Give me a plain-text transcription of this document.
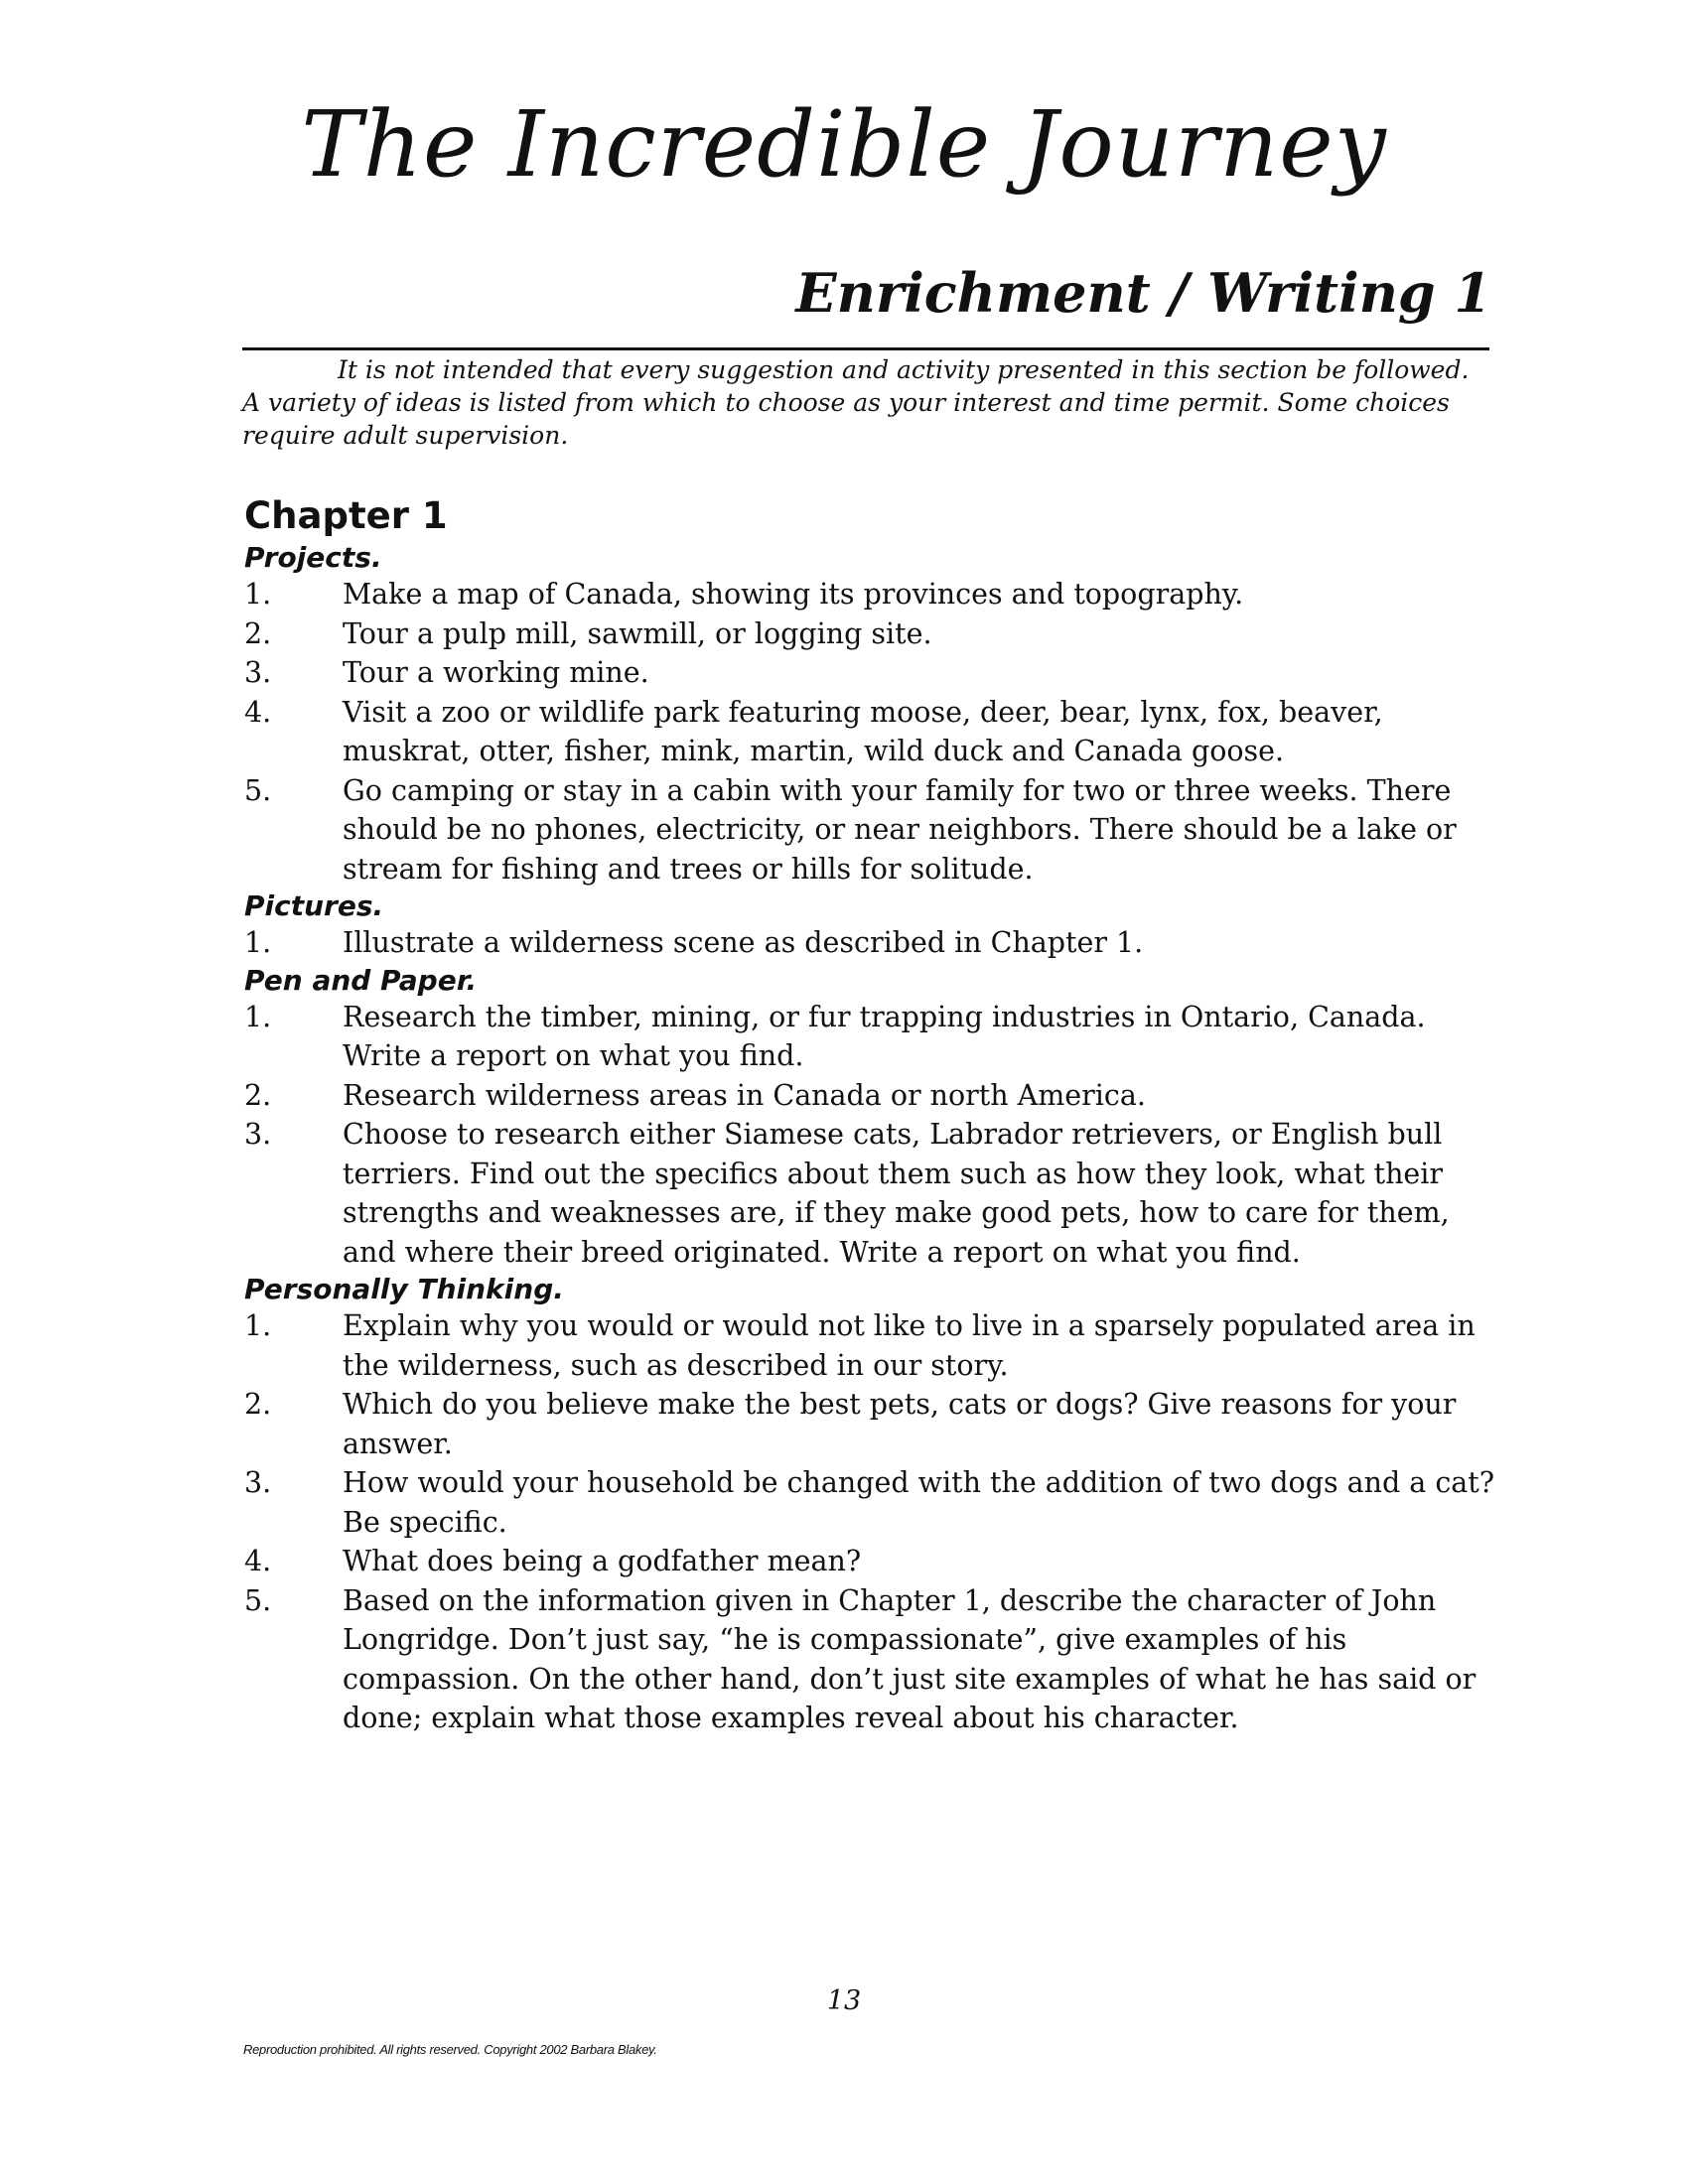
The Incredible Journey
Enrichment / Writing 1

It is not intended that every suggestion and activity presented in this section be followed. A variety of ideas is listed from which to choose as your interest and time permit. Some choices require adult supervision.

Chapter 1
Projects.
1.	Make a map of Canada, showing its provinces and topography.
2.	Tour a pulp mill, sawmill, or logging site.
3.	Tour a working mine.
4.	Visit a zoo or wildlife park featuring moose, deer, bear, lynx, fox, beaver, muskrat, otter, fisher, mink, martin, wild duck and Canada goose.
5.	Go camping or stay in a cabin with your family for two or three weeks. There should be no phones, electricity, or near neighbors. There should be a lake or stream for fishing and trees or hills for solitude.
Pictures.
1.	Illustrate a wilderness scene as described in Chapter 1.
Pen and Paper.
1.	Research the timber, mining, or fur trapping industries in Ontario, Canada. Write a report on what you find.
2.	Research wilderness areas in Canada or north America.
3.	Choose to research either Siamese cats, Labrador retrievers, or English bull terriers. Find out the specifics about them such as how they look, what their strengths and weaknesses are, if they make good pets, how to care for them, and where their breed originated. Write a report on what you find.
Personally Thinking.
1.	Explain why you would or would not like to live in a sparsely populated area in the wilderness, such as described in our story.
2.	Which do you believe make the best pets, cats or dogs? Give reasons for your answer.
3.	How would your household be changed with the addition of two dogs and a cat? Be specific.
4.	What does being a godfather mean?
5.	Based on the information given in Chapter 1, describe the character of John Longridge. Don’t just say, “he is compassionate”, give examples of his compassion. On the other hand, don’t just site examples of what he has said or done; explain what those examples reveal about his character.
13
Reproduction prohibited. All rights reserved. Copyright 2002 Barbara Blakey.
